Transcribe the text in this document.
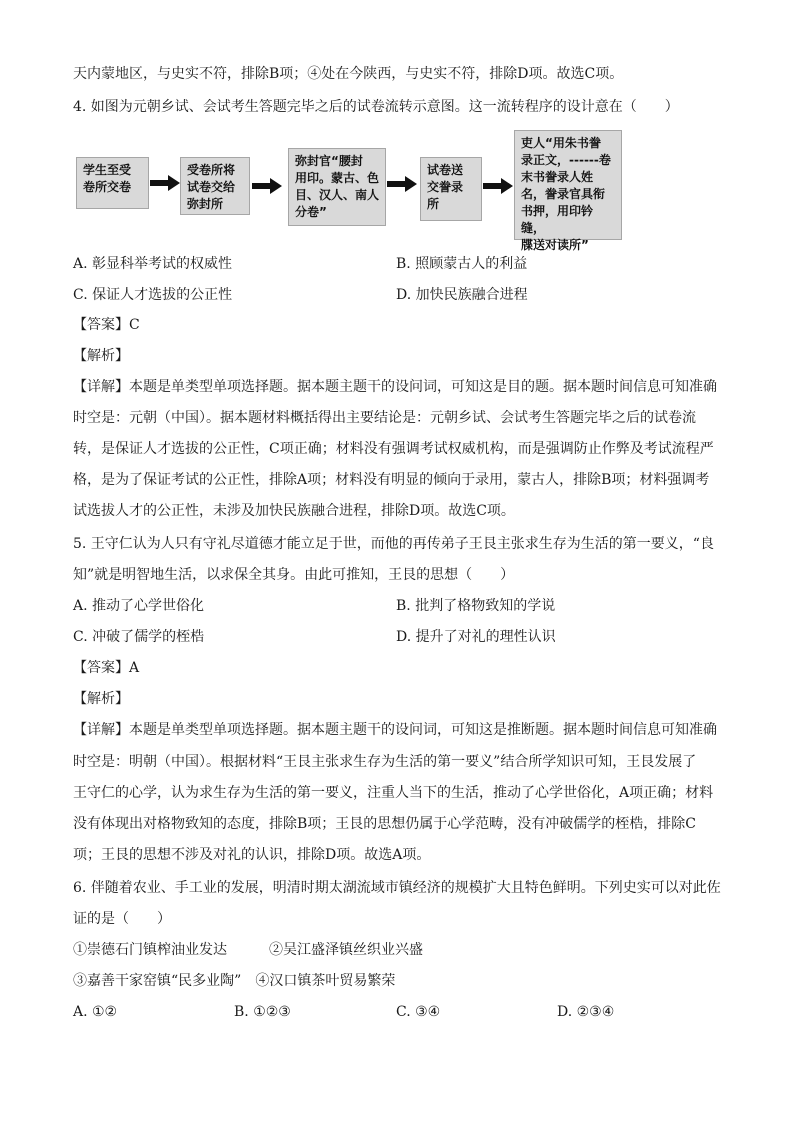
天内蒙地区，与史实不符，排除B项；④处在今陕西，与史实不符，排除D项。故选C项。
4. 如图为元朝乡试、会试考生答题完毕之后的试卷流转示意图。这一流转程序的设计意在（　　）
学生至受
卷所交卷
受卷所将
试卷交给
弥封所
弥封官“腰封
用印。蒙古、色
目、汉人、南人
分卷”
试卷送
交誊录
所
吏人“用朱书誊
录正文，------卷
末书誊录人姓
名，誊录官具衔
书押，用印钤缝，
牒送对读所”
A. 彰显科举考试的权威性	B. 照顾蒙古人的利益
C. 保证人才选拔的公正性	D. 加快民族融合进程
【答案】C
【解析】
【详解】本题是单类型单项选择题。据本题主题干的设问词，可知这是目的题。据本题时间信息可知准确
时空是：元朝（中国）。据本题材料概括得出主要结论是：元朝乡试、会试考生答题完毕之后的试卷流
转，是保证人才选拔的公正性，C项正确；材料没有强调考试权威机构，而是强调防止作弊及考试流程严
格，是为了保证考试的公正性，排除A项；材料没有明显的倾向于录用，蒙古人，排除B项；材料强调考
试选拔人才的公正性，未涉及加快民族融合进程，排除D项。故选C项。
5. 王守仁认为人只有守礼尽道德才能立足于世，而他的再传弟子王艮主张求生存为生活的第一要义，“良
知”就是明智地生活，以求保全其身。由此可推知，王艮的思想（　　）
A. 推动了心学世俗化	B. 批判了格物致知的学说
C. 冲破了儒学的桎梏	D. 提升了对礼的理性认识
【答案】A
【解析】
【详解】本题是单类型单项选择题。据本题主题干的设问词，可知这是推断题。据本题时间信息可知准确
时空是：明朝（中国）。根据材料“王艮主张求生存为生活的第一要义”结合所学知识可知，王艮发展了
王守仁的心学，认为求生存为生活的第一要义，注重人当下的生活，推动了心学世俗化，A项正确；材料
没有体现出对格物致知的态度，排除B项；王艮的思想仍属于心学范畴，没有冲破儒学的桎梏，排除C
项；王艮的思想不涉及对礼的认识，排除D项。故选A项。
6. 伴随着农业、手工业的发展，明清时期太湖流域市镇经济的规模扩大且特色鲜明。下列史实可以对此佐
证的是（　　）
①崇德石门镇榨油业发达　　　②吴江盛泽镇丝织业兴盛
③嘉善干家窑镇“民多业陶”　④汉口镇茶叶贸易繁荣
A. ①②	B. ①②③	C. ③④	D. ②③④
